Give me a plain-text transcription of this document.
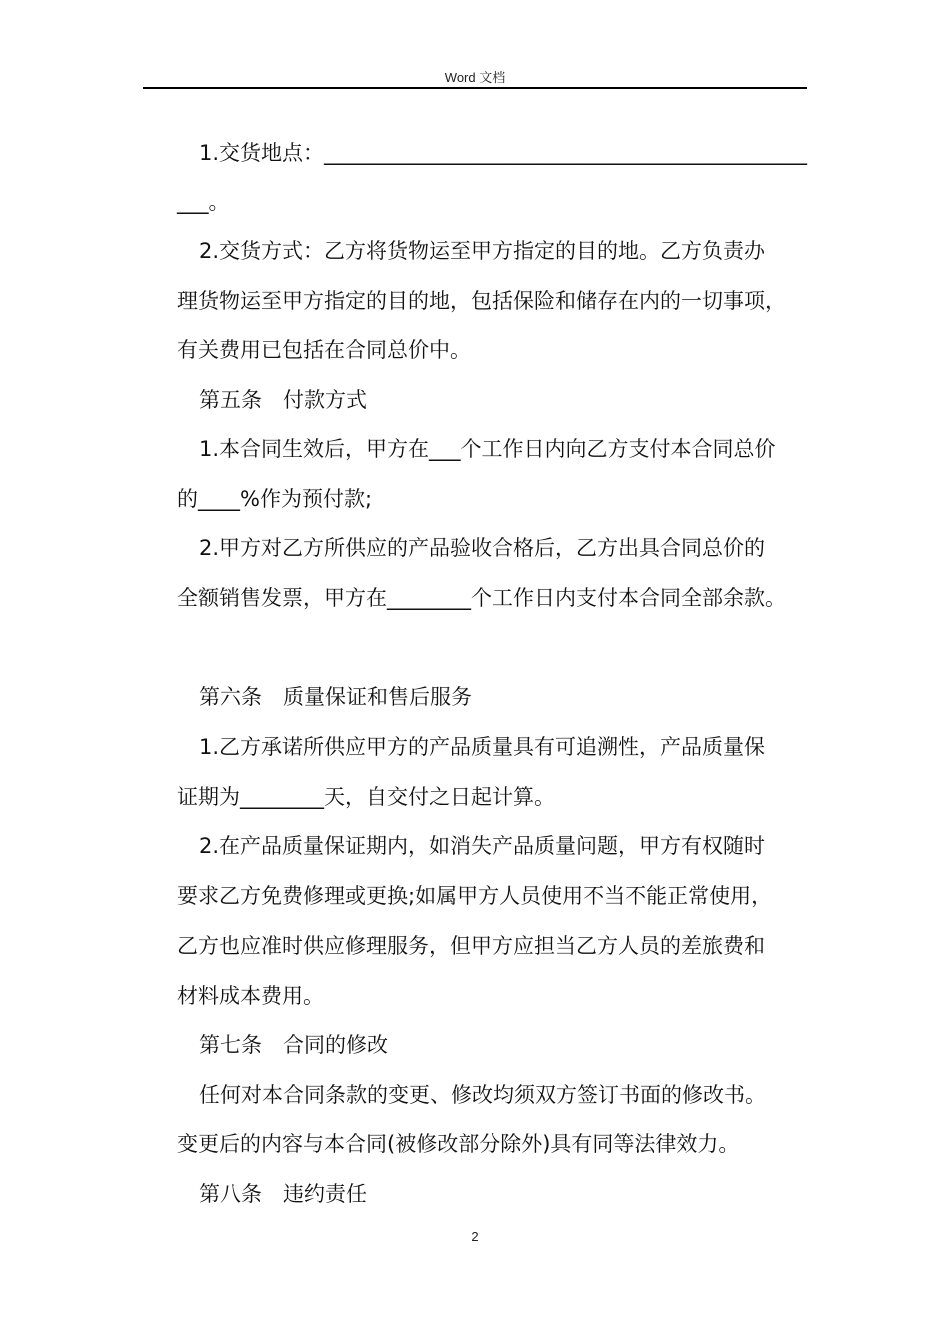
Word 文档
1.交货地点：______________________________________________
___。
2.交货方式：乙方将货物运至甲方指定的目的地。乙方负责办
理货物运至甲方指定的目的地，包括保险和储存在内的一切事项，
有关费用已包括在合同总价中。
第五条　付款方式
1.本合同生效后，甲方在___个工作日内向乙方支付本合同总价
的____%作为预付款;
2.甲方对乙方所供应的产品验收合格后，乙方出具合同总价的
全额销售发票，甲方在________个工作日内支付本合同全部余款。
第六条　质量保证和售后服务
1.乙方承诺所供应甲方的产品质量具有可追溯性，产品质量保
证期为________天，自交付之日起计算。
2.在产品质量保证期内，如消失产品质量问题，甲方有权随时
要求乙方免费修理或更换;如属甲方人员使用不当不能正常使用，
乙方也应准时供应修理服务，但甲方应担当乙方人员的差旅费和
材料成本费用。
第七条　合同的修改
任何对本合同条款的变更、修改均须双方签订书面的修改书。
变更后的内容与本合同(被修改部分除外)具有同等法律效力。
第八条　违约责任
2
